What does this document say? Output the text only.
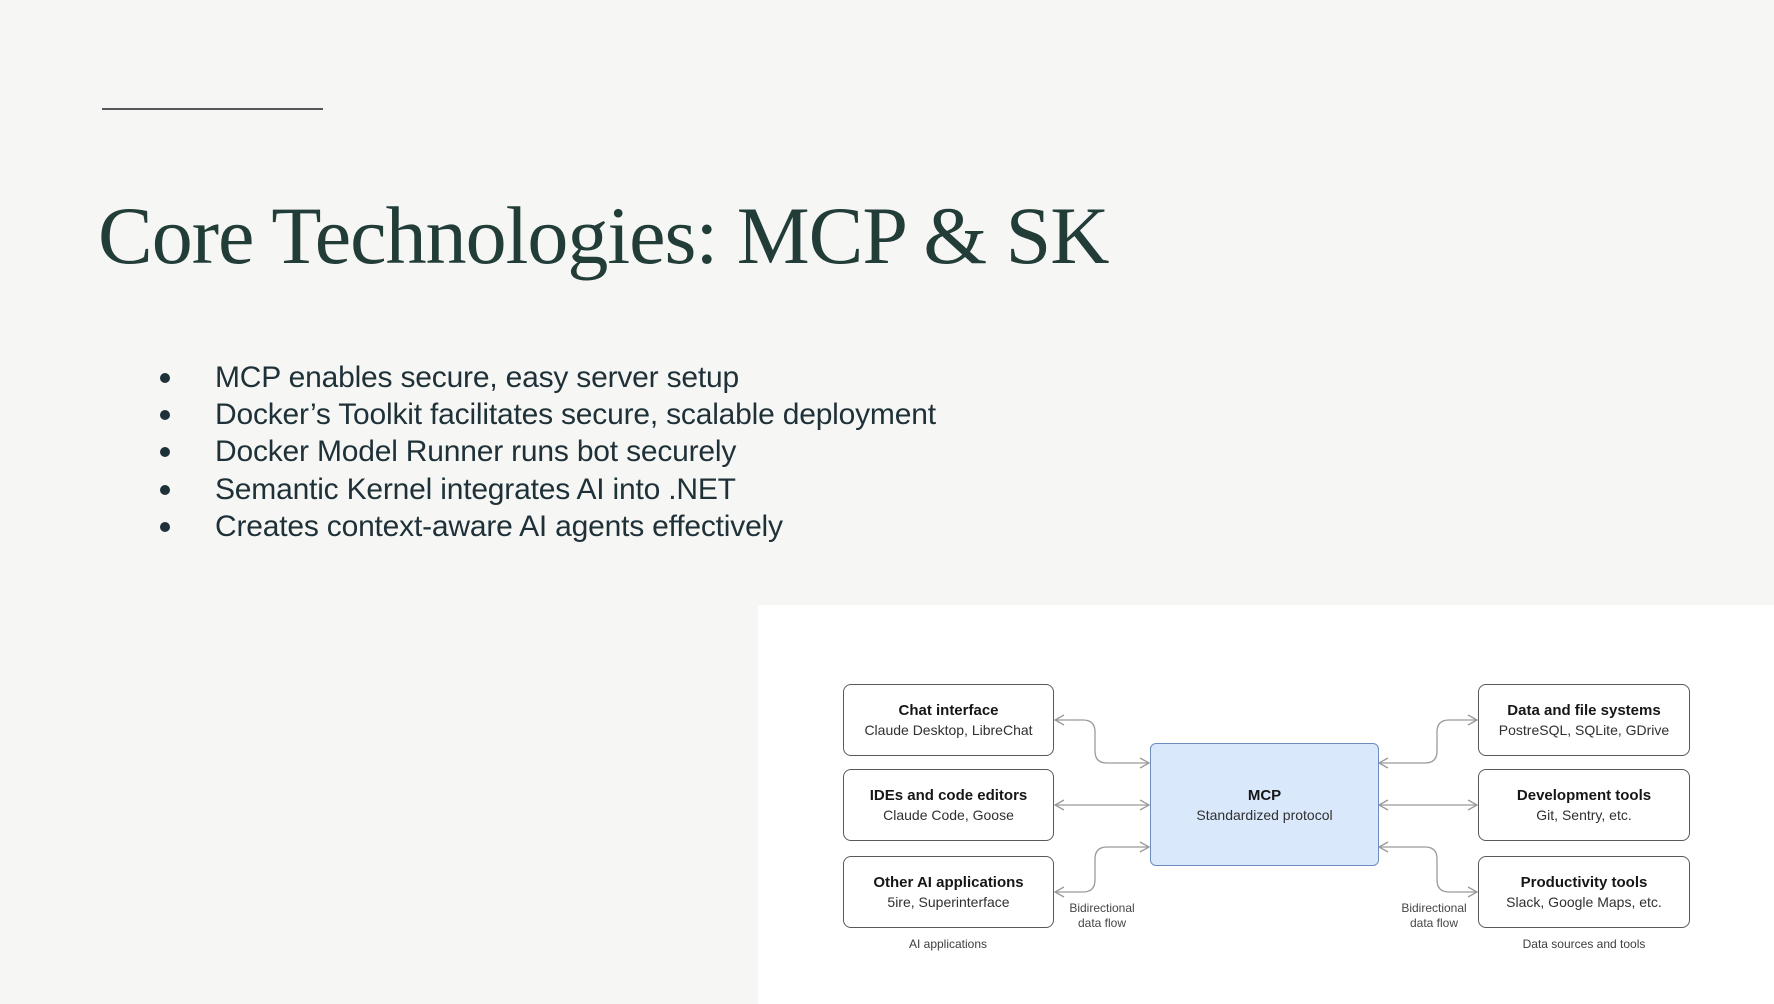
Core Technologies: MCP & SK
MCP enables secure, easy server setup
Docker’s Toolkit facilitates secure, scalable deployment
Docker Model Runner runs bot securely
Semantic Kernel integrates AI into .NET
Creates context-aware AI agents effectively
Chat interface
Claude Desktop, LibreChat
IDEs and code editors
Claude Code, Goose
Other AI applications
5ire, Superinterface
MCP
Standardized protocol
Data and file systems
PostreSQL, SQLite, GDrive
Development tools
Git, Sentry, etc.
Productivity tools
Slack, Google Maps, etc.
Bidirectional
data flow
Bidirectional
data flow
AI applications	Data sources and tools
